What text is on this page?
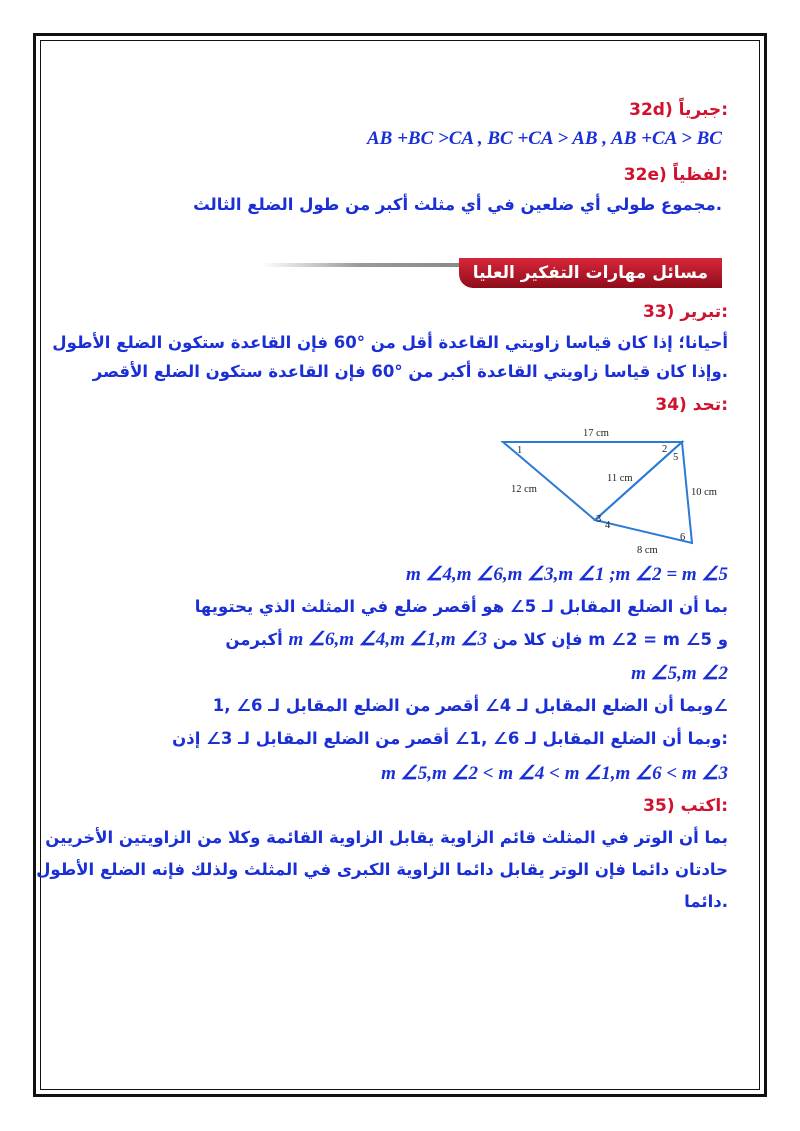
32d) جبرياً:
AB +BC >CA , BC +CA > AB , AB +CA > BC
32e) لفظياً:
مجموع طولي أي ضلعين في أي مثلث أكبر من طول الضلع الثالث.
مسائل مهارات التفكير العليا
33) تبرير:
أحيانا؛ إذا كان قياسا زاويتي القاعدة أقل من °60 فإن القاعدة ستكون الضلع الأطول
وإذا كان قياسا زاويتي القاعدة أكبر من °60 فإن القاعدة ستكون الضلع الأقصر.
34) تحد:
17 cm
12 cm
11 cm
10 cm
8 cm
1	2
3
4
5
6
m ∠4,m ∠6,m ∠3,m ∠1 ;m ∠2 = m ∠5
بما أن الضلع المقابل لـ 5∠ هو أقصر ضلع في المثلث الذي يحتويها
و m ∠2 = m ∠5 فإن كلا من m ∠6,m ∠4,m ∠1,m ∠3 أكبرمن
m ∠5,m ∠2
وبما أن الضلع المقابل لـ 4∠ أقصر من الضلع المقابل لـ 6∠ ,1∠
وبما أن الضلع المقابل لـ 6∠ ,1∠ أقصر من الضلع المقابل لـ 3∠ إذن:
m ∠5,m ∠2 < m ∠4 < m ∠1,m ∠6 < m ∠3
35) اكتب:
بما أن الوتر في المثلث قائم الزاوية يقابل الزاوية القائمة وكلا من الزاويتين الأخريين
حادتان دائما فإن الوتر يقابل دائما الزاوية الكبرى في المثلث ولذلك فإنه الضلع الأطول
دائما.
